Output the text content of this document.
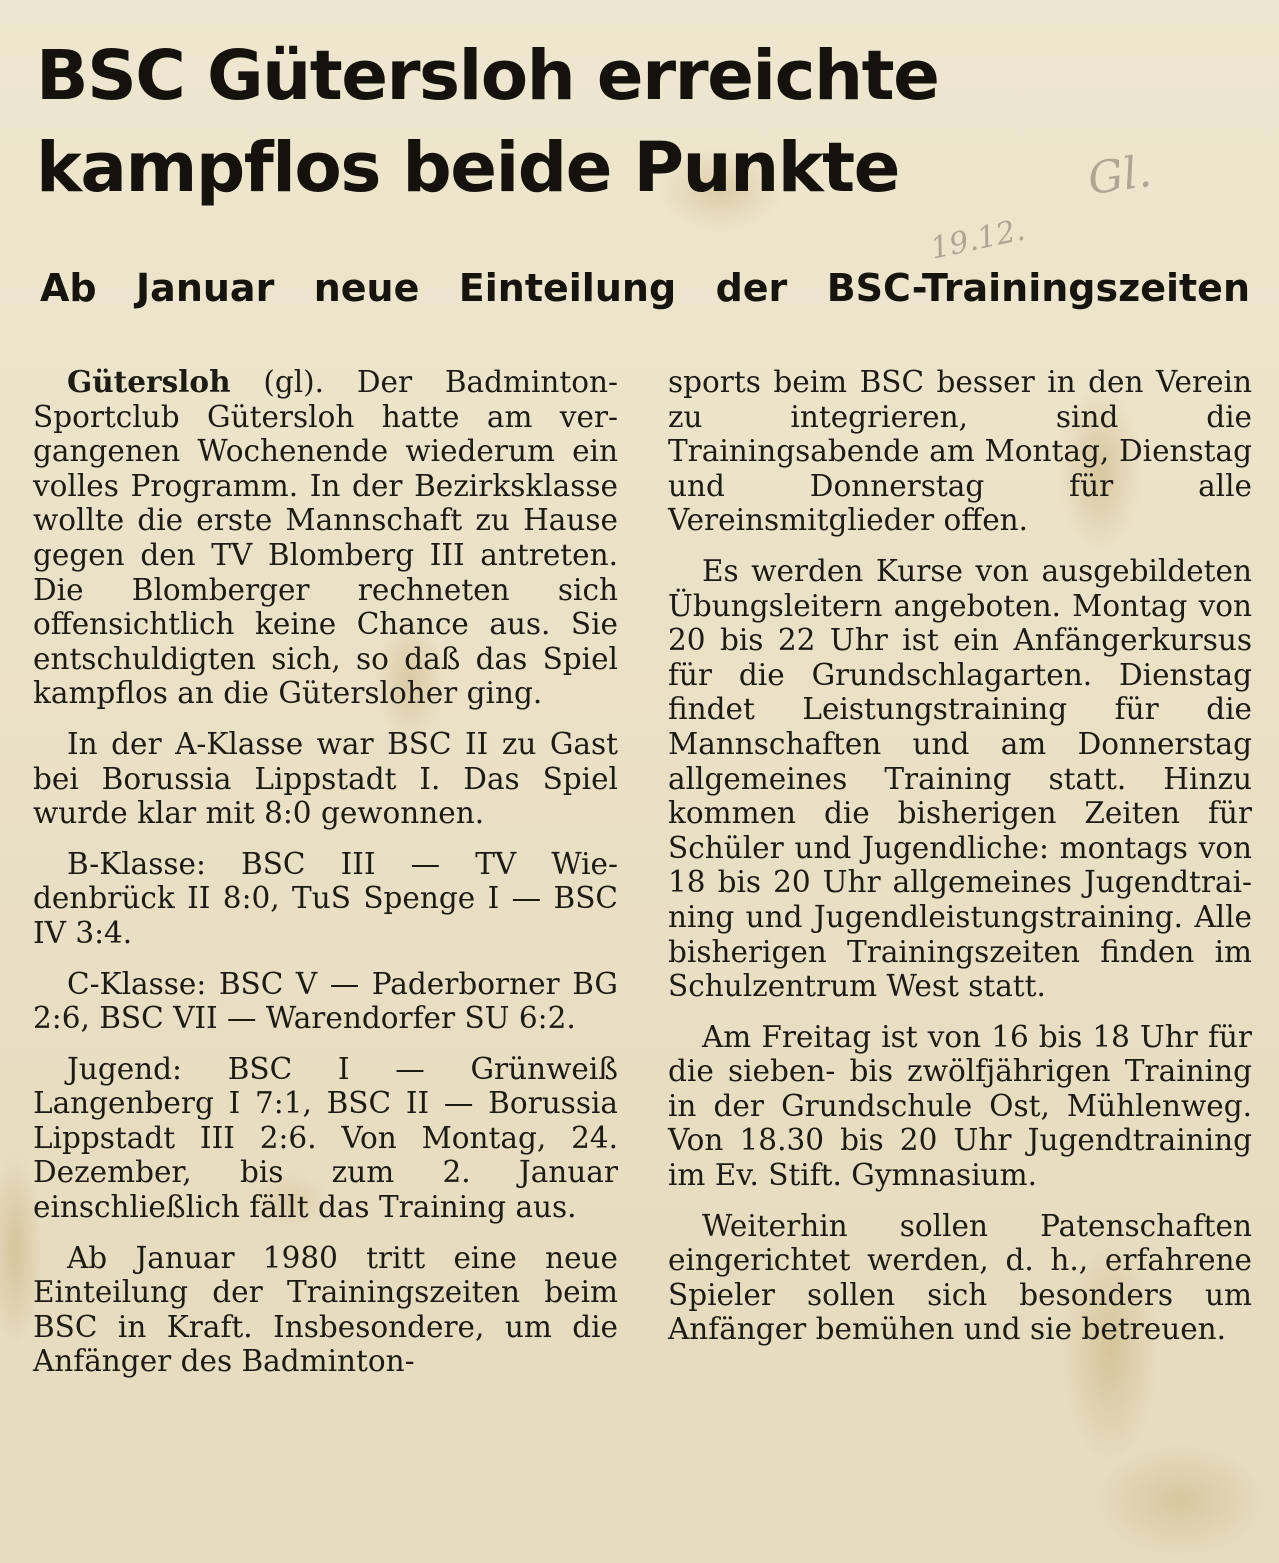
BSC Gütersloh erreichte
kampflos beide Punkte	Gl.
19.12.
Ab Januar neue Einteilung der BSC-Trainingszeiten

Gütersloh (gl). Der Badminton-Sportclub Gütersloh hatte am vergangenen Wochenende wiederum ein volles Programm. In der Bezirksklasse wollte die erste Mannschaft zu Hause gegen den TV Blomberg III antreten. Die Blomberger rechneten sich offensichtlich keine Chance aus. Sie entschuldigten sich, so daß das Spiel kampflos an die Gütersloher ging.

In der A-Klasse war BSC II zu Gast bei Borussia Lippstadt I. Das Spiel wurde klar mit 8:0 gewonnen.

B-Klasse: BSC III — TV Wiedenbrück II 8:0, TuS Spenge I — BSC IV 3:4.

C-Klasse: BSC V — Paderborner BG 2:6, BSC VII — Warendorfer SU 6:2.

Jugend: BSC I — Grünweiß Langenberg I 7:1, BSC II — Borussia Lippstadt III 2:6. Von Montag, 24. Dezember, bis zum 2. Januar einschließlich fällt das Training aus.

Ab Januar 1980 tritt eine neue Einteilung der Trainingszeiten beim BSC in Kraft. Insbesondere, um die Anfänger des Badminton-

sports beim BSC besser in den Verein zu integrieren, sind die Trainingsabende am Montag, Dienstag und Donnerstag für alle Vereinsmitglieder offen.

Es werden Kurse von ausgebildeten Übungsleitern angeboten. Montag von 20 bis 22 Uhr ist ein Anfängerkursus für die Grundschlagarten. Dienstag findet Leistungstraining für die Mannschaften und am Donnerstag allgemeines Training statt. Hinzu kommen die bisherigen Zeiten für Schüler und Jugendliche: montags von 18 bis 20 Uhr allgemeines Jugendtraining und Jugendleistungstraining. Alle bisherigen Trainingszeiten finden im Schulzentrum West statt.

Am Freitag ist von 16 bis 18 Uhr für die sieben- bis zwölfjährigen Training in der Grundschule Ost, Mühlenweg. Von 18.30 bis 20 Uhr Jugendtraining im Ev. Stift. Gymnasium.

Weiterhin sollen Patenschaften eingerichtet werden, d. h., erfahrene Spieler sollen sich besonders um Anfänger bemühen und sie betreuen.
